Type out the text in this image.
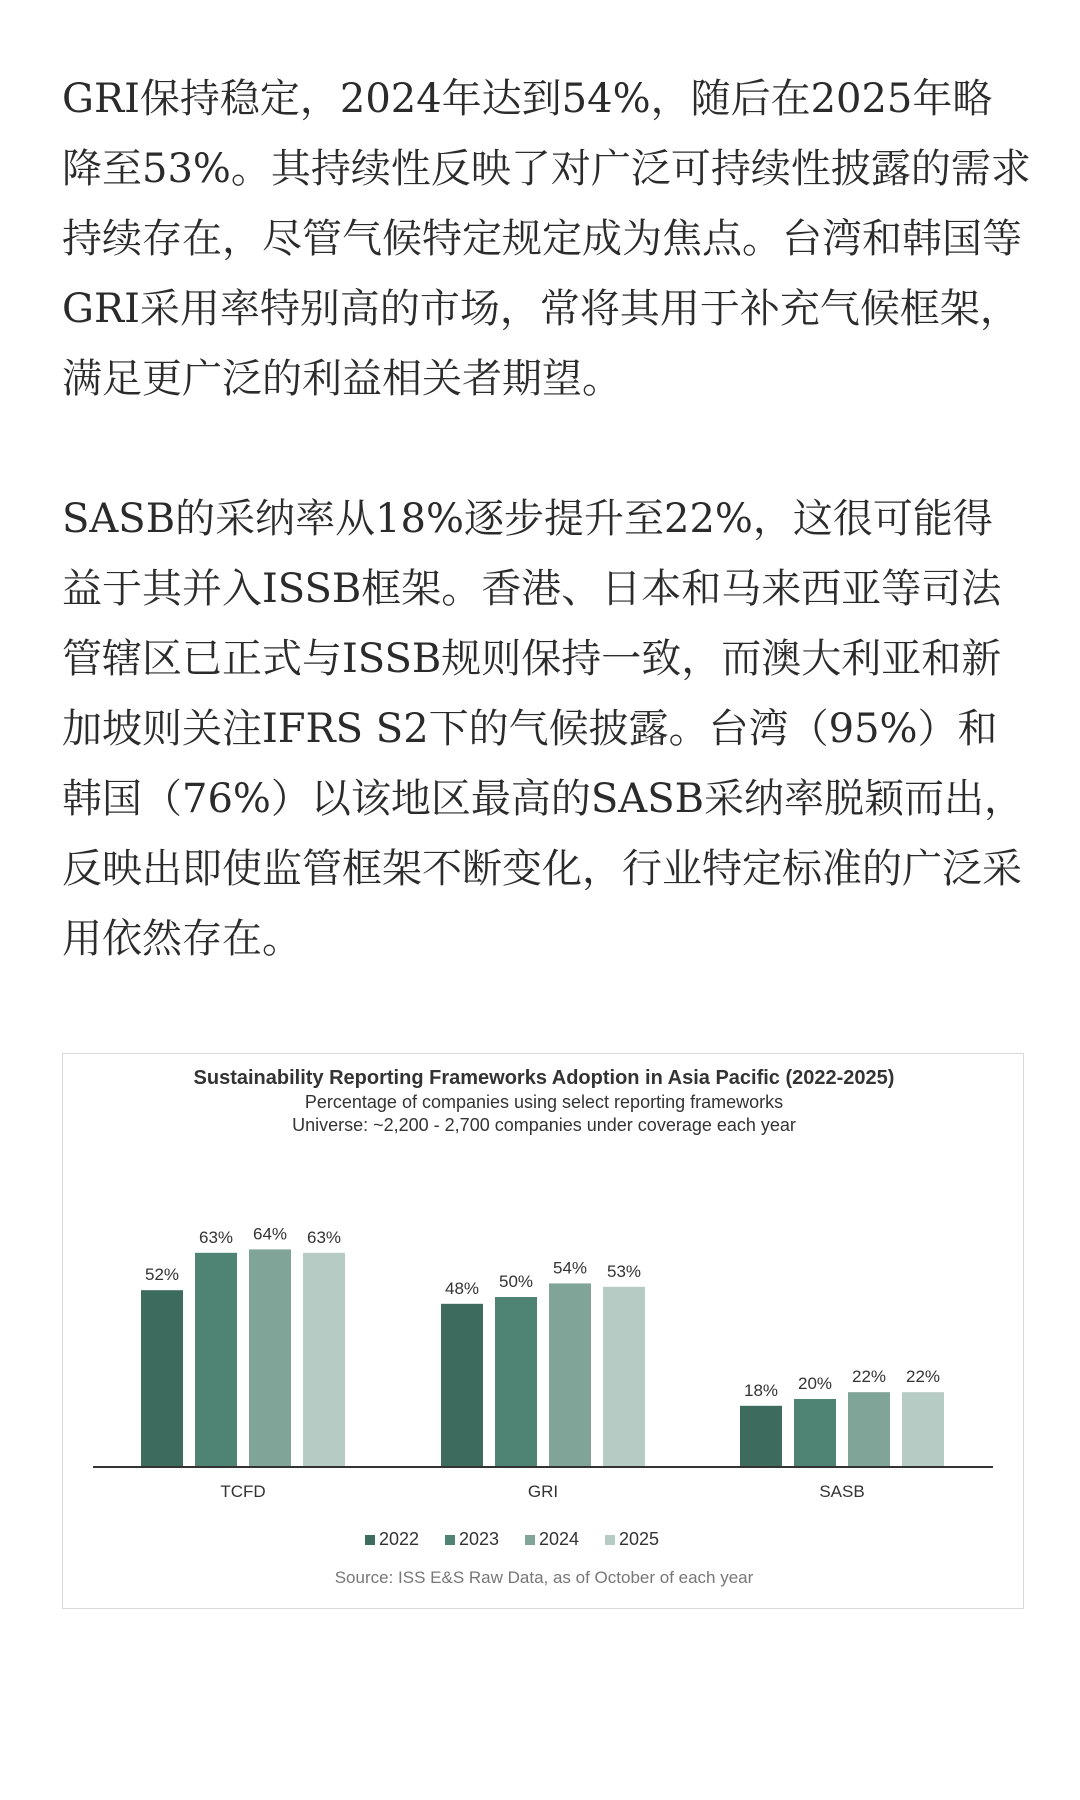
GRI保持稳定，2024年达到54%，随后在2025年略降至53%。其持续性反映了对广泛可持续性披露的需求持续存在，尽管气候特定规定成为焦点。台湾和韩国等GRI采用率特别高的市场，常将其用于补充气候框架，满足更广泛的利益相关者期望。

SASB的采纳率从18%逐步提升至22%，这很可能得益于其并入ISSB框架。香港、日本和马来西亚等司法管辖区已正式与ISSB规则保持一致，而澳大利亚和新加坡则关注IFRS S2下的气候披露。台湾（95%）和韩国（76%）以该地区最高的SASB采纳率脱颖而出，反映出即使监管框架不断变化，行业特定标准的广泛采用依然存在。

Sustainability Reporting Frameworks Adoption in Asia Pacific (2022-2025)
Percentage of companies using select reporting frameworks
Universe: ~2,200 - 2,700 companies under coverage each year
52%
63% 64% 63%
48% 50%
54% 53%
18% 20% 22% 22%
TCFD	GRI	SASB
2022 2023 2024 2025
Source: ISS E&S Raw Data, as of October of each year
